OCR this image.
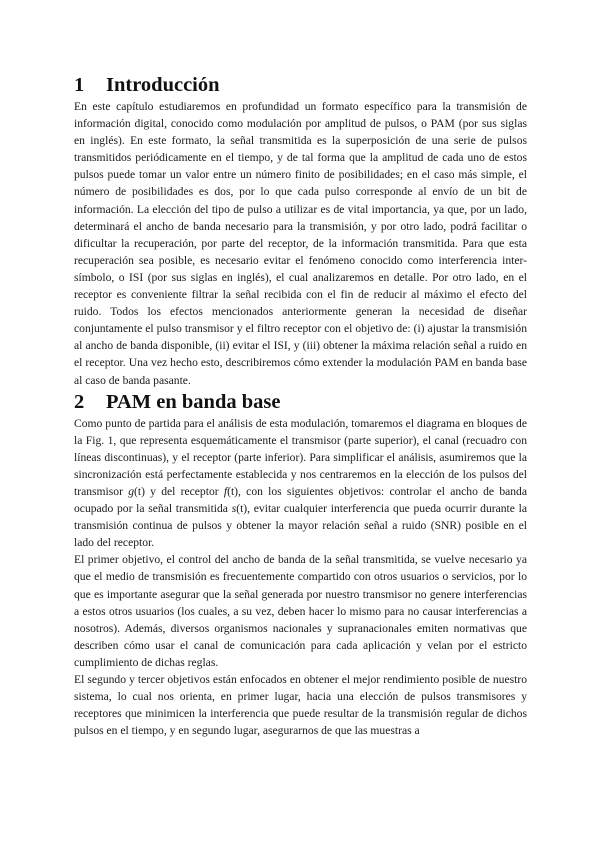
1	Introducción

En este capítulo estudiaremos en profundidad un formato específico para la transmisión de información digital, conocido como modulación por amplitud de pulsos, o PAM (por sus siglas en inglés). En este formato, la señal transmitida es la superposición de una serie de pulsos transmitidos periódicamente en el tiempo, y de tal forma que la amplitud de cada uno de estos pulsos puede tomar un valor entre un número finito de posibilidades; en el caso más simple, el número de posibilidades es dos, por lo que cada pulso corresponde al envío de un bit de información. La elección del tipo de pulso a utilizar es de vital importancia, ya que, por un lado, determinará el ancho de banda necesario para la transmisión, y por otro lado, podrá facilitar o dificultar la recuperación, por parte del receptor, de la información transmitida. Para que esta recuperación sea posible, es necesario evitar el fenómeno conocido como interferencia inter-símbolo, o ISI (por sus siglas en inglés), el cual analizaremos en detalle. Por otro lado, en el receptor es conveniente filtrar la señal recibida con el fin de reducir al máximo el efecto del ruido. Todos los efectos mencionados anteriormente generan la necesidad de diseñar conjuntamente el pulso transmisor y el filtro receptor con el objetivo de: (i) ajustar la transmisión al ancho de banda disponible, (ii) evitar el ISI, y (iii) obtener la máxima relación señal a ruido en el receptor. Una vez hecho esto, describiremos cómo extender la modulación PAM en banda base al caso de banda pasante.

2	PAM en banda base

Como punto de partida para el análisis de esta modulación, tomaremos el diagrama en bloques de la Fig. 1, que representa esquemáticamente el transmisor (parte superior), el canal (recuadro con líneas discontinuas), y el receptor (parte inferior). Para simplificar el análisis, asumiremos que la sincronización está perfectamente establecida y nos centraremos en la elección de los pulsos del transmisor g(t) y del receptor f(t), con los siguientes objetivos: controlar el ancho de banda ocupado por la señal transmitida s(t), evitar cualquier interferencia que pueda ocurrir durante la transmisión continua de pulsos y obtener la mayor relación señal a ruido (SNR) posible en el lado del receptor.

El primer objetivo, el control del ancho de banda de la señal transmitida, se vuelve necesario ya que el medio de transmisión es frecuentemente compartido con otros usuarios o servicios, por lo que es importante asegurar que la señal generada por nuestro transmisor no genere interferencias a estos otros usuarios (los cuales, a su vez, deben hacer lo mismo para no causar interferencias a nosotros). Además, diversos organismos nacionales y supranacionales emiten normativas que describen cómo usar el canal de comunicación para cada aplicación y velan por el estricto cumplimiento de dichas reglas.

El segundo y tercer objetivos están enfocados en obtener el mejor rendimiento posible de nuestro sistema, lo cual nos orienta, en primer lugar, hacia una elección de pulsos transmisores y receptores que minimicen la interferencia que puede resultar de la transmisión regular de dichos pulsos en el tiempo, y en segundo lugar, asegurarnos de que las muestras a
